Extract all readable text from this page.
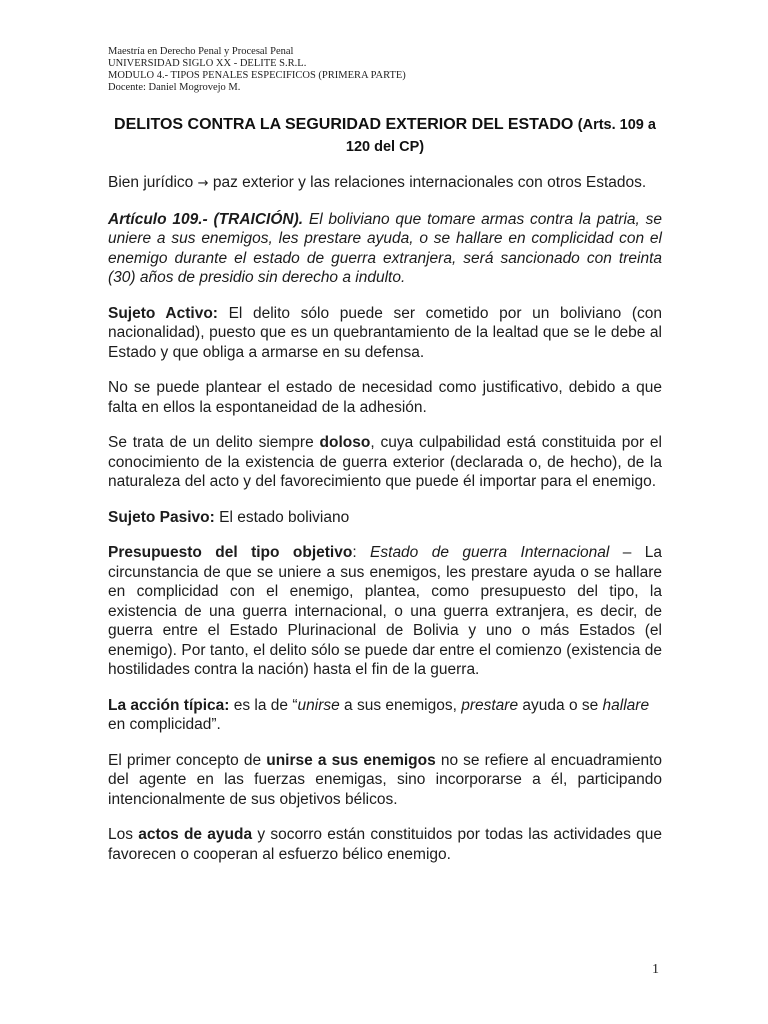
Maestría en Derecho Penal y Procesal Penal
UNIVERSIDAD SIGLO XX - DELITE S.R.L.
MODULO 4.- TIPOS PENALES ESPECIFICOS (PRIMERA PARTE)
Docente: Daniel Mogrovejo M.
DELITOS CONTRA LA SEGURIDAD EXTERIOR DEL ESTADO (Arts. 109 a 120 del CP)

Bien jurídico → paz exterior y las relaciones internacionales con otros Estados.

Artículo 109.- (TRAICIÓN). El boliviano que tomare armas contra la patria, se uniere a sus enemigos, les prestare ayuda, o se hallare en complicidad con el enemigo durante el estado de guerra extranjera, será sancionado con treinta (30) años de presidio sin derecho a indulto.

Sujeto Activo: El delito sólo puede ser cometido por un boliviano (con nacionalidad), puesto que es un quebrantamiento de la lealtad que se le debe al Estado y que obliga a armarse en su defensa.

No se puede plantear el estado de necesidad como justificativo, debido a que falta en ellos la espontaneidad de la adhesión.

Se trata de un delito siempre doloso, cuya culpabilidad está constituida por el conocimiento de la existencia de guerra exterior (declarada o, de hecho), de la naturaleza del acto y del favorecimiento que puede él importar para el enemigo.

Sujeto Pasivo: El estado boliviano

Presupuesto del tipo objetivo: Estado de guerra Internacional – La circunstancia de que se uniere a sus enemigos, les prestare ayuda o se hallare en complicidad con el enemigo, plantea, como presupuesto del tipo, la existencia de una guerra internacional, o una guerra extranjera, es decir, de guerra entre el Estado Plurinacional de Bolivia y uno o más Estados (el enemigo). Por tanto, el delito sólo se puede dar entre el comienzo (existencia de hostilidades contra la nación) hasta el fin de la guerra.

La acción típica: es la de “unirse a sus enemigos, prestare ayuda o se hallare en complicidad”.

El primer concepto de unirse a sus enemigos no se refiere al encuadramiento del agente en las fuerzas enemigas, sino incorporarse a él, participando intencionalmente de sus objetivos bélicos.

Los actos de ayuda y socorro están constituidos por todas las actividades que favorecen o cooperan al esfuerzo bélico enemigo.

1
